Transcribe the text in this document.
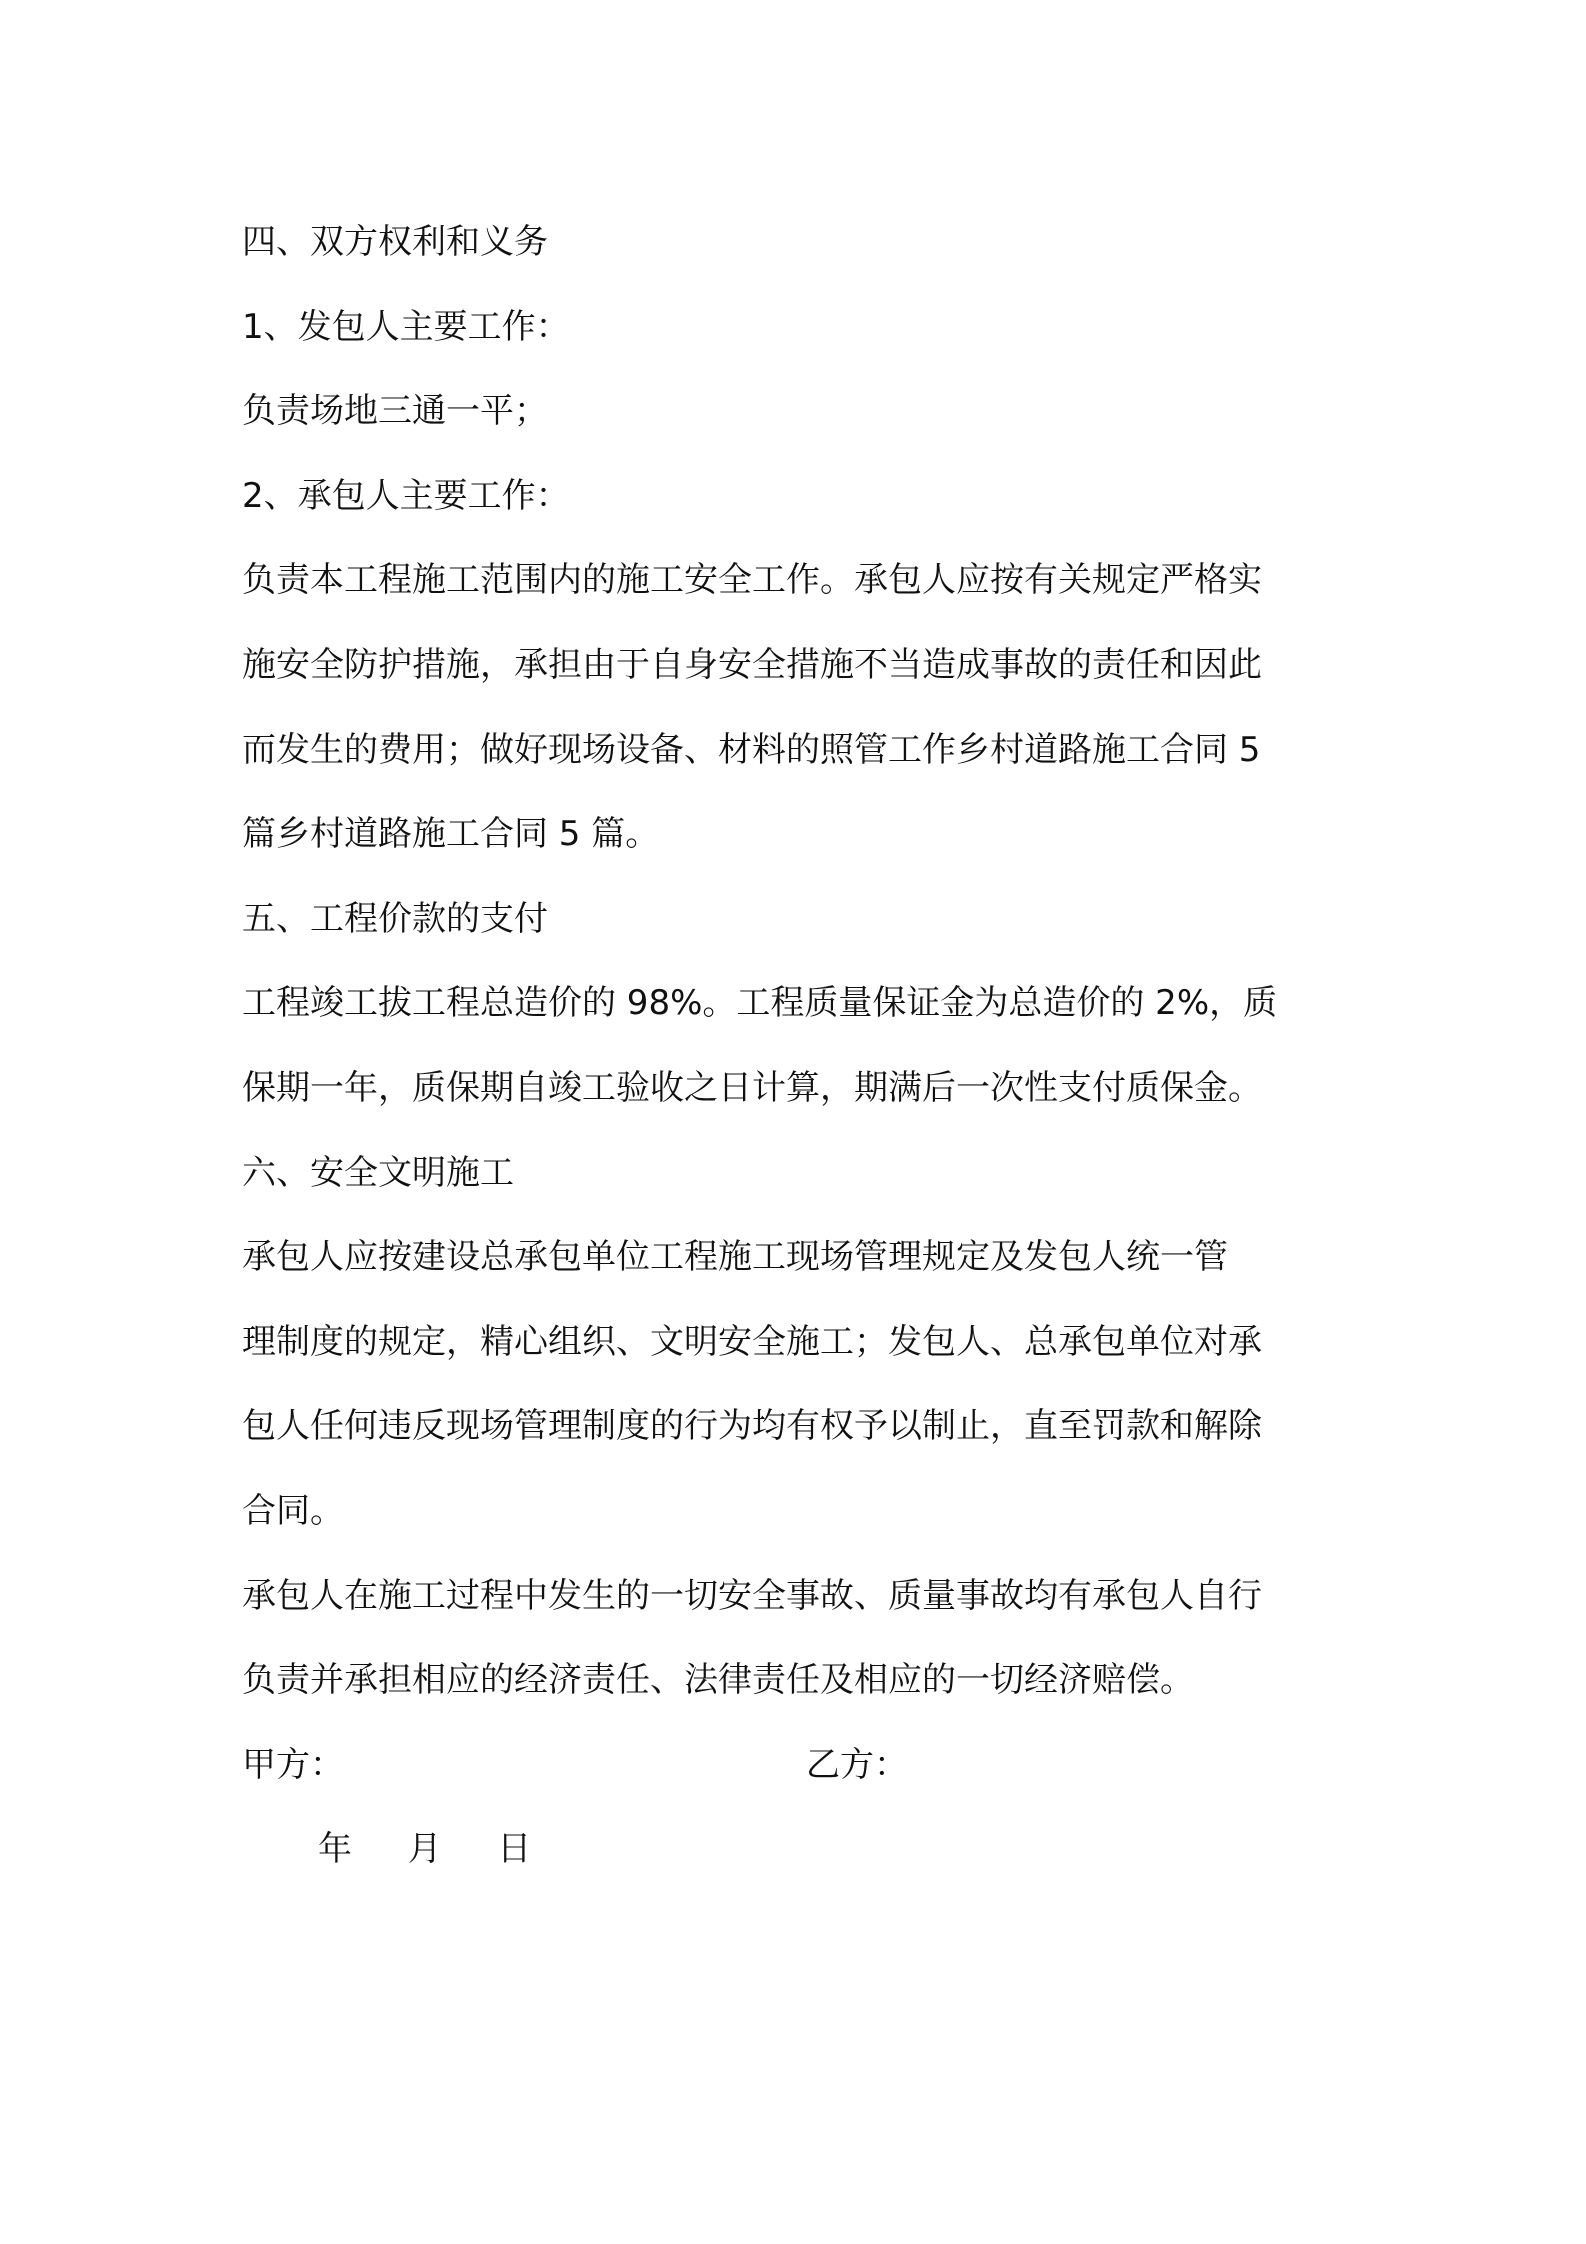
四、双方权利和义务
1、发包人主要工作：
负责场地三通一平；
2、承包人主要工作：
负责本工程施工范围内的施工安全工作。承包人应按有关规定严格实
施安全防护措施，承担由于自身安全措施不当造成事故的责任和因此
而发生的费用；做好现场设备、材料的照管工作乡村道路施工合同 5
篇乡村道路施工合同 5 篇。
五、工程价款的支付
工程竣工拔工程总造价的 98%。工程质量保证金为总造价的 2%，质
保期一年，质保期自竣工验收之日计算，期满后一次性支付质保金。
六、安全文明施工
承包人应按建设总承包单位工程施工现场管理规定及发包人统一管
理制度的规定，精心组织、文明安全施工；发包人、总承包单位对承
包人任何违反现场管理制度的行为均有权予以制止，直至罚款和解除
合同。
承包人在施工过程中发生的一切安全事故、质量事故均有承包人自行
负责并承担相应的经济责任、法律责任及相应的一切经济赔偿。
甲方：	乙方：
年 月 日
